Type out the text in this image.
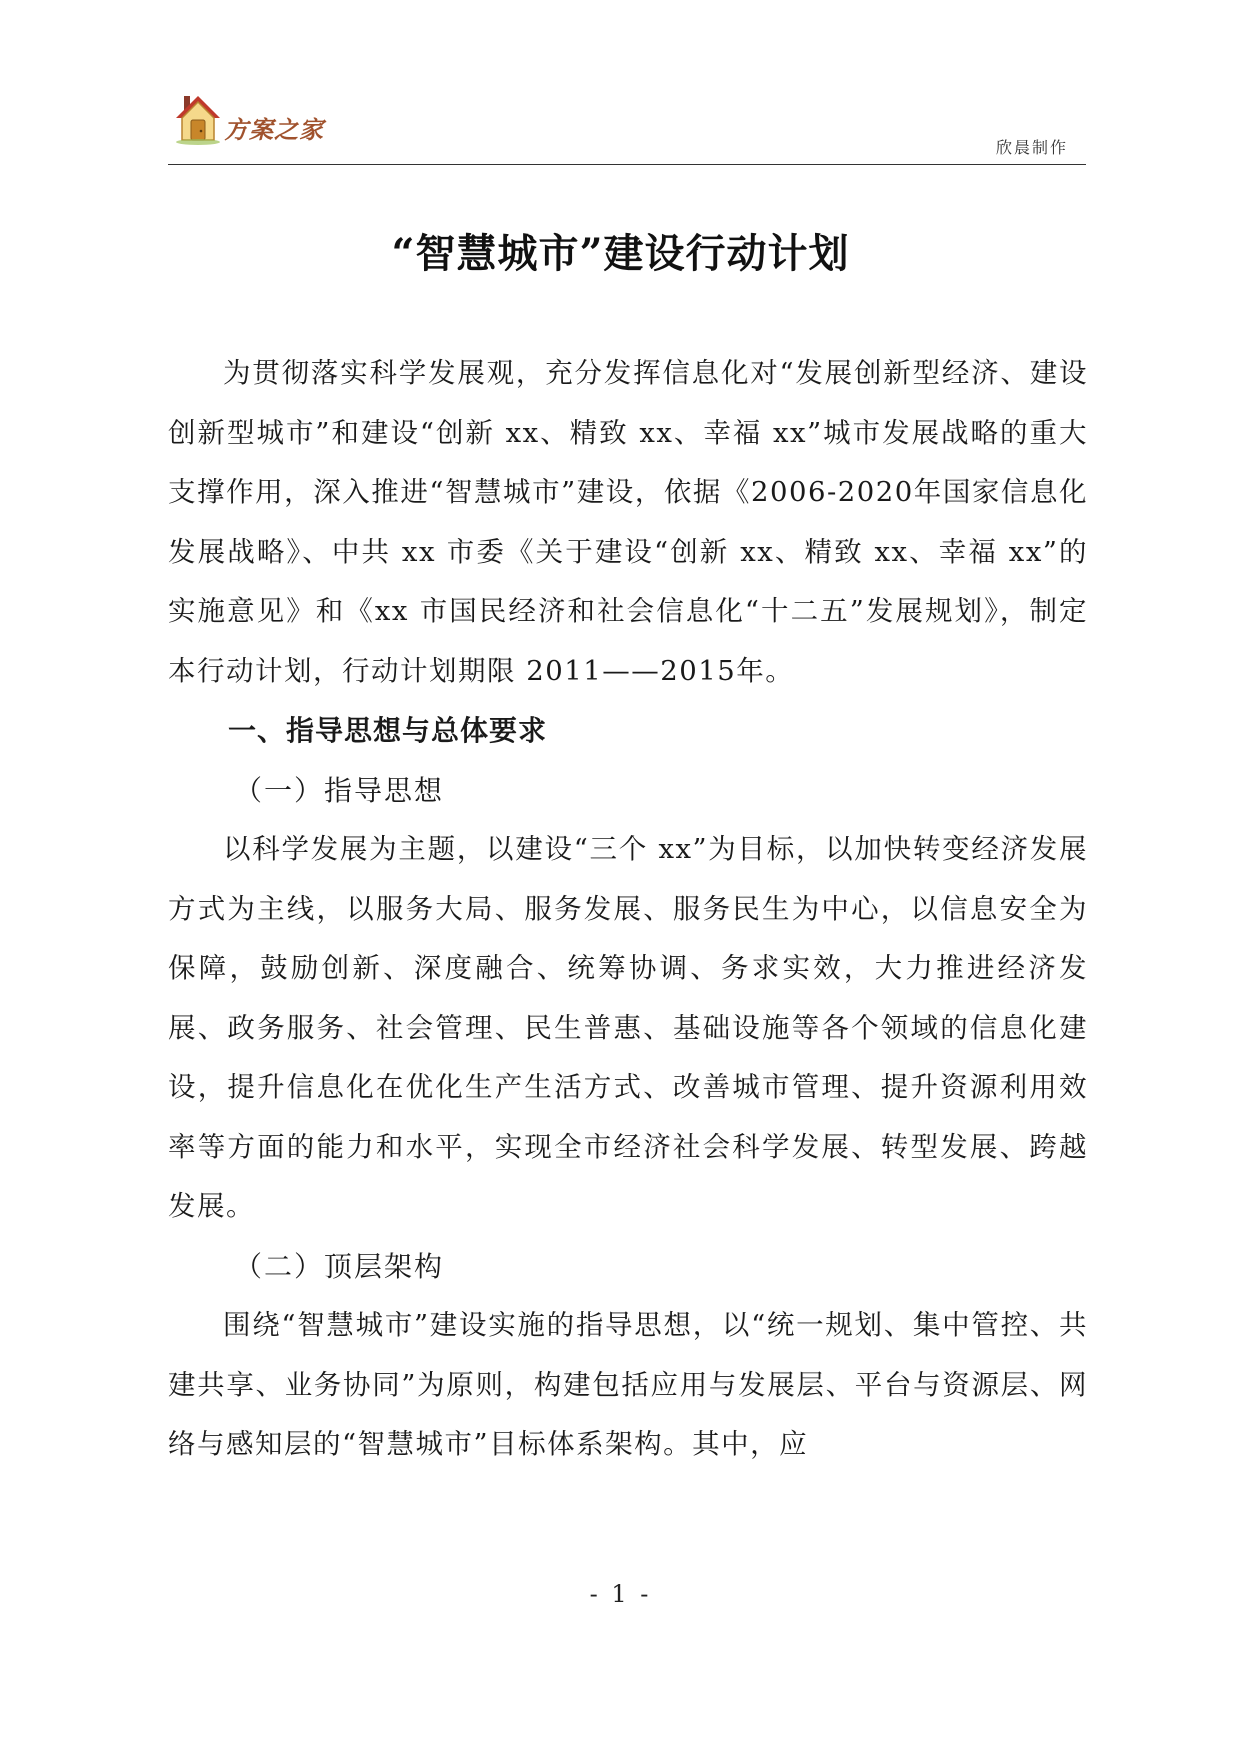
方案之家
欣晨制作
“智慧城市”建设行动计划

为贯彻落实科学发展观，充分发挥信息化对“发展创新型经济、建设创新型城市”和建设“创新 xx、精致 xx、幸福 xx”城市发展战略的重大支撑作用，深入推进“智慧城市”建设，依据《2006-2020年国家信息化发展战略》、中共 xx 市委《关于建设“创新 xx、精致 xx、幸福 xx”的实施意见》和《xx 市国民经济和社会信息化“十二五”发展规划》，制定本行动计划，行动计划期限 2011——2015年。

一、指导思想与总体要求

（一）指导思想

以科学发展为主题，以建设“三个 xx”为目标，以加快转变经济发展方式为主线，以服务大局、服务发展、服务民生为中心，以信息安全为保障，鼓励创新、深度融合、统筹协调、务求实效，大力推进经济发展、政务服务、社会管理、民生普惠、基础设施等各个领域的信息化建设，提升信息化在优化生产生活方式、改善城市管理、提升资源利用效率等方面的能力和水平，实现全市经济社会科学发展、转型发展、跨越发展。

（二）顶层架构

围绕“智慧城市”建设实施的指导思想，以“统一规划、集中管控、共建共享、业务协同”为原则，构建包括应用与发展层、平台与资源层、网络与感知层的“智慧城市”目标体系架构。其中，应

- 1 -
